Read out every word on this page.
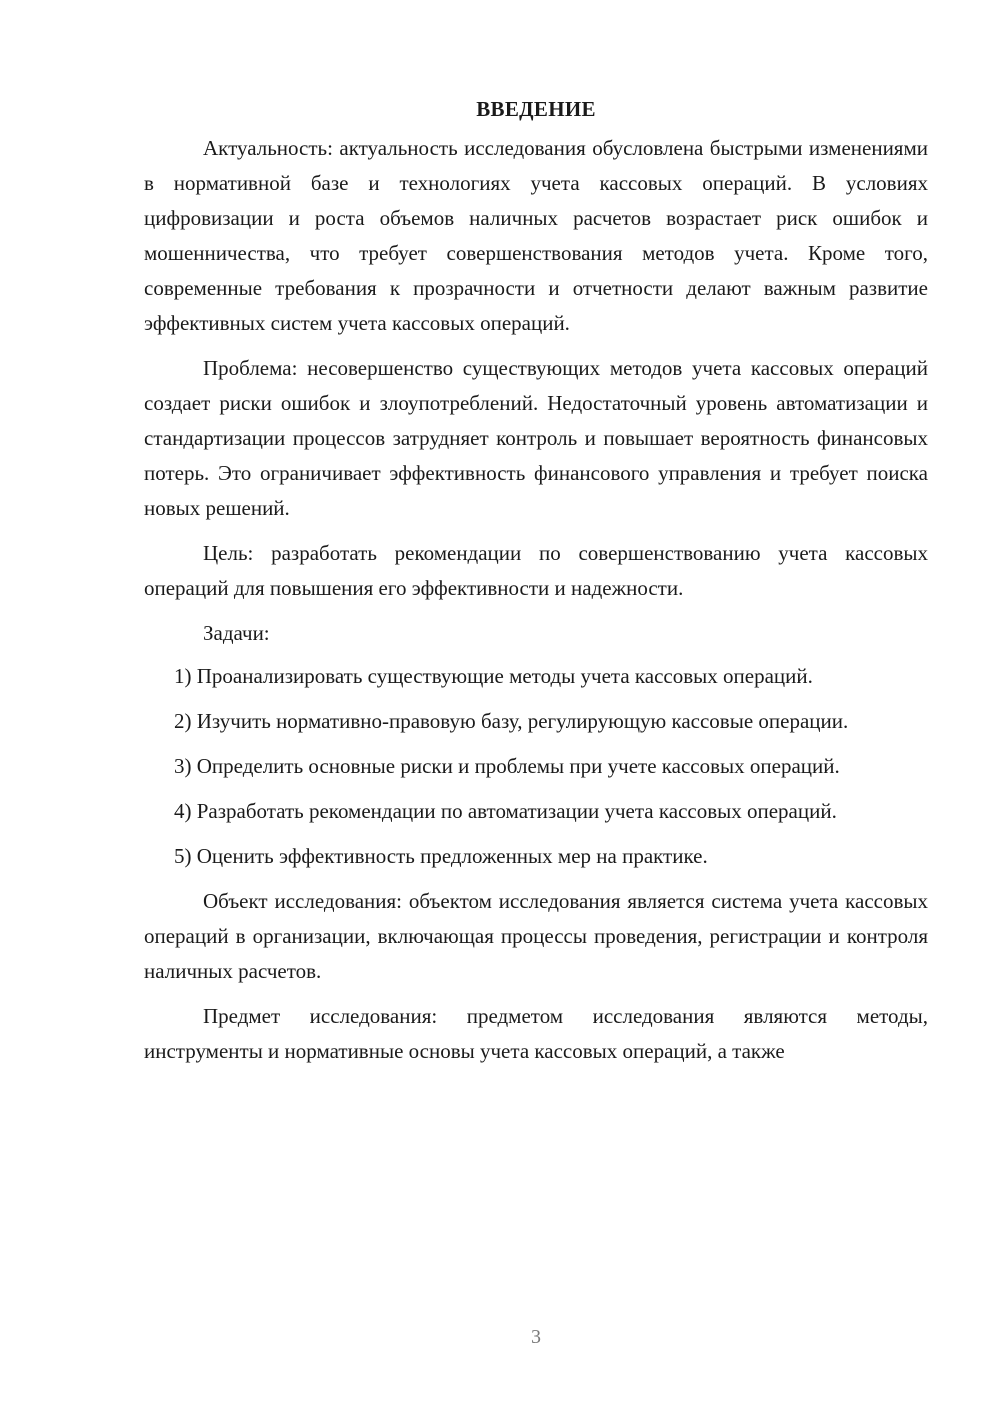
ВВЕДЕНИЕ

Актуальность: актуальность исследования обусловлена быстрыми изменениями в нормативной базе и технологиях учета кассовых операций. В условиях цифровизации и роста объемов наличных расчетов возрастает риск ошибок и мошенничества, что требует совершенствования методов учета. Кроме того, современные требования к прозрачности и отчетности делают важным развитие эффективных систем учета кассовых операций.

Проблема: несовершенство существующих методов учета кассовых операций создает риски ошибок и злоупотреблений. Недостаточный уровень автоматизации и стандартизации процессов затрудняет контроль и повышает вероятность финансовых потерь. Это ограничивает эффективность финансового управления и требует поиска новых решений.

Цель: разработать рекомендации по совершенствованию учета кассовых операций для повышения его эффективности и надежности.

Задачи:

1) Проанализировать существующие методы учета кассовых операций.

2) Изучить нормативно-правовую базу, регулирующую кассовые операции.

3) Определить основные риски и проблемы при учете кассовых операций.

4) Разработать рекомендации по автоматизации учета кассовых операций.

5) Оценить эффективность предложенных мер на практике.

Объект исследования: объектом исследования является система учета кассовых операций в организации, включающая процессы проведения, регистрации и контроля наличных расчетов.

Предмет исследования: предметом исследования являются методы, инструменты и нормативные основы учета кассовых операций, а также

3
